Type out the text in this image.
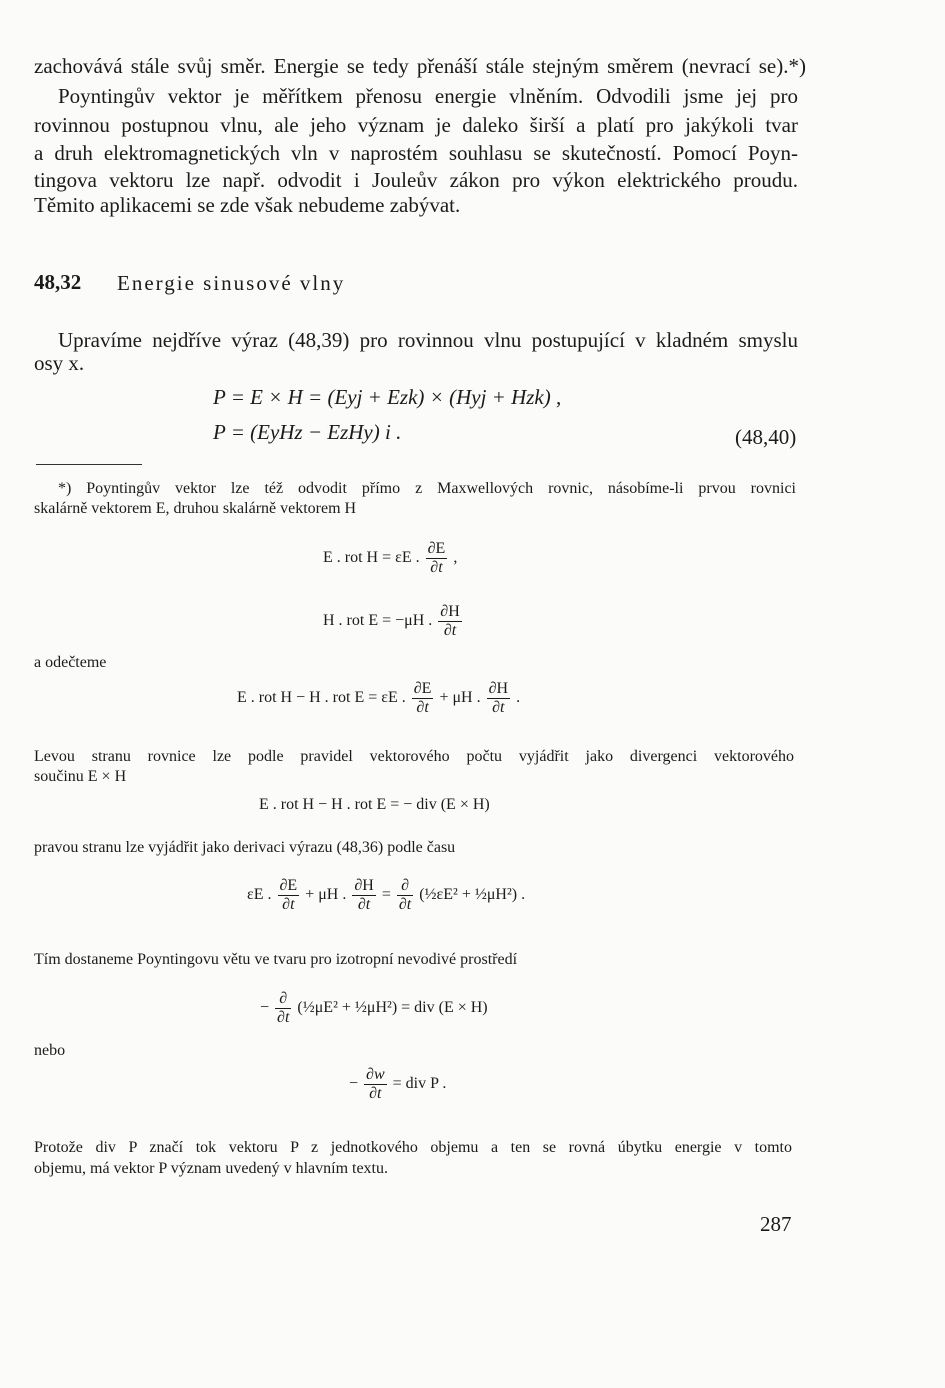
zachovává stále svůj směr. Energie se tedy přenáší stále stejným směrem (nevrací se).*)
Poyntingův vektor je měřítkem přenosu energie vlněním. Odvodili jsme jej pro
rovinnou postupnou vlnu, ale jeho význam je daleko širší a platí pro jakýkoli tvar
a druh elektromagnetických vln v naprostém souhlasu se skutečností. Pomocí Poyn-
tingova vektoru lze např. odvodit i Jouleův zákon pro výkon elektrického proudu.
Těmito aplikacemi se zde však nebudeme zabývat.
48,32 Energie sinusové vlny
Upravíme nejdříve výraz (48,39) pro rovinnou vlnu postupující v kladném smyslu
osy x.
P = E × H = (Eyj + Ezk) × (Hyj + Hzk) ,
P = (EyHz − EzHy) i .	(48,40)
*) Poyntingův vektor lze též odvodit přímo z Maxwellových rovnic, násobíme-li prvou rovnici
skalárně vektorem E, druhou skalárně vektorem H
E . rot H = εE . $\frac{\partial E}{\partial t}$ ,
H . rot E = −μH . $\frac{\partial H}{\partial t}$
a odečteme
E . rot H − H . rot E = εE . $\frac{\partial E}{\partial t} + \mu H$ . $\frac{\partial H}{\partial t}$ .
Levou stranu rovnice lze podle pravidel vektorového počtu vyjádřit jako divergenci vektorového
součinu E × H
E . rot H − H . rot E = − div (E × H)
pravou stranu lze vyjádřit jako derivaci výrazu (48,36) podle času
εE . $\frac{\partial E}{\partial t} + \mu H$ . $\frac{\partial H}{\partial t} = \frac{\partial}{\partial t}$ (½εE² + ½μH²) .
Tím dostaneme Poyntingovu větu ve tvaru pro izotropní nevodivé prostředí
− $\frac{\partial}{\partial t}$ (½μE² + ½μH²) = div (E × H)
nebo
− $\frac{\partial w}{\partial t}$ = div P .
Protože div P značí tok vektoru P z jednotkového objemu a ten se rovná úbytku energie v tomto
objemu, má vektor P význam uvedený v hlavním textu.
287
